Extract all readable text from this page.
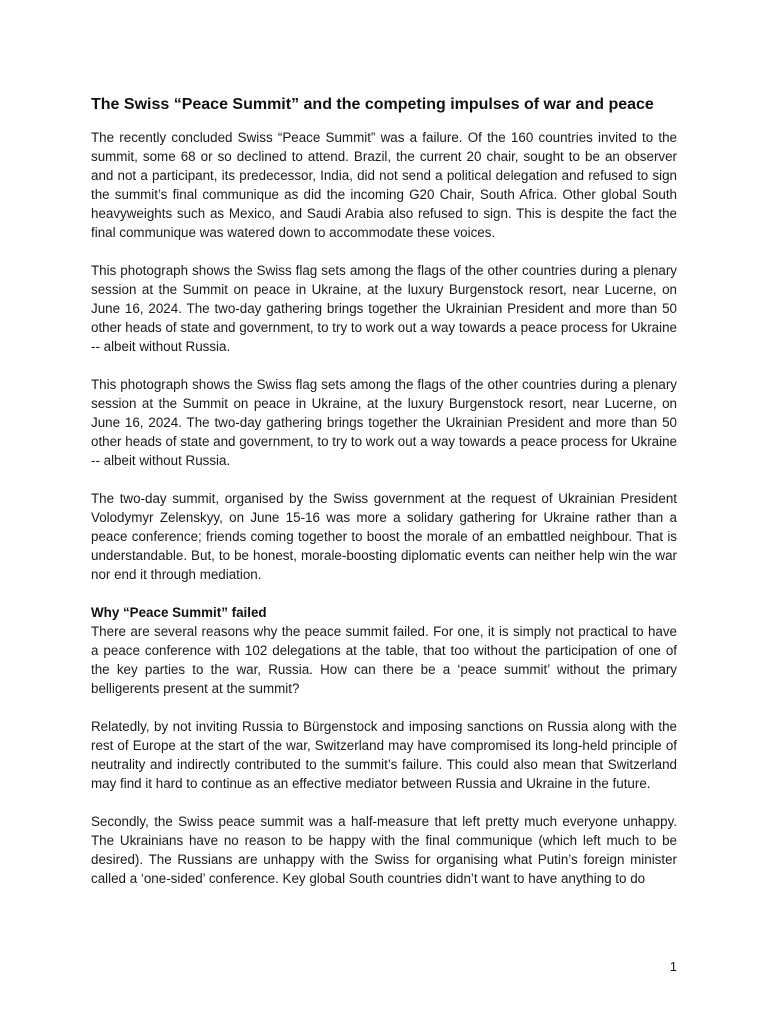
The Swiss “Peace Summit” and the competing impulses of war and peace

The recently concluded Swiss “Peace Summit” was a failure. Of the 160 countries invited to the summit, some 68 or so declined to attend. Brazil, the current 20 chair, sought to be an observer and not a participant, its predecessor, India, did not send a political delegation and refused to sign the summit’s final communique as did the incoming G20 Chair, South Africa. Other global South heavyweights such as Mexico, and Saudi Arabia also refused to sign. This is despite the fact the final communique was watered down to accommodate these voices.

This photograph shows the Swiss flag sets among the flags of the other countries during a plenary session at the Summit on peace in Ukraine, at the luxury Burgenstock resort, near Lucerne, on June 16, 2024. The two-day gathering brings together the Ukrainian President and more than 50 other heads of state and government, to try to work out a way towards a peace process for Ukraine -- albeit without Russia.

This photograph shows the Swiss flag sets among the flags of the other countries during a plenary session at the Summit on peace in Ukraine, at the luxury Burgenstock resort, near Lucerne, on June 16, 2024. The two-day gathering brings together the Ukrainian President and more than 50 other heads of state and government, to try to work out a way towards a peace process for Ukraine -- albeit without Russia.

The two-day summit, organised by the Swiss government at the request of Ukrainian President Volodymyr Zelenskyy, on June 15-16 was more a solidary gathering for Ukraine rather than a peace conference; friends coming together to boost the morale of an embattled neighbour. That is understandable. But, to be honest, morale-boosting diplomatic events can neither help win the war nor end it through mediation.

Why “Peace Summit” failed

There are several reasons why the peace summit failed. For one, it is simply not practical to have a peace conference with 102 delegations at the table, that too without the participation of one of the key parties to the war, Russia. How can there be a ‘peace summit’ without the primary belligerents present at the summit?

Relatedly, by not inviting Russia to Bürgenstock and imposing sanctions on Russia along with the rest of Europe at the start of the war, Switzerland may have compromised its long-held principle of neutrality and indirectly contributed to the summit’s failure. This could also mean that Switzerland may find it hard to continue as an effective mediator between Russia and Ukraine in the future.

Secondly, the Swiss peace summit was a half-measure that left pretty much everyone unhappy. The Ukrainians have no reason to be happy with the final communique (which left much to be desired). The Russians are unhappy with the Swiss for organising what Putin’s foreign minister called a ‘one-sided’ conference. Key global South countries didn’t want to have anything to do

1
